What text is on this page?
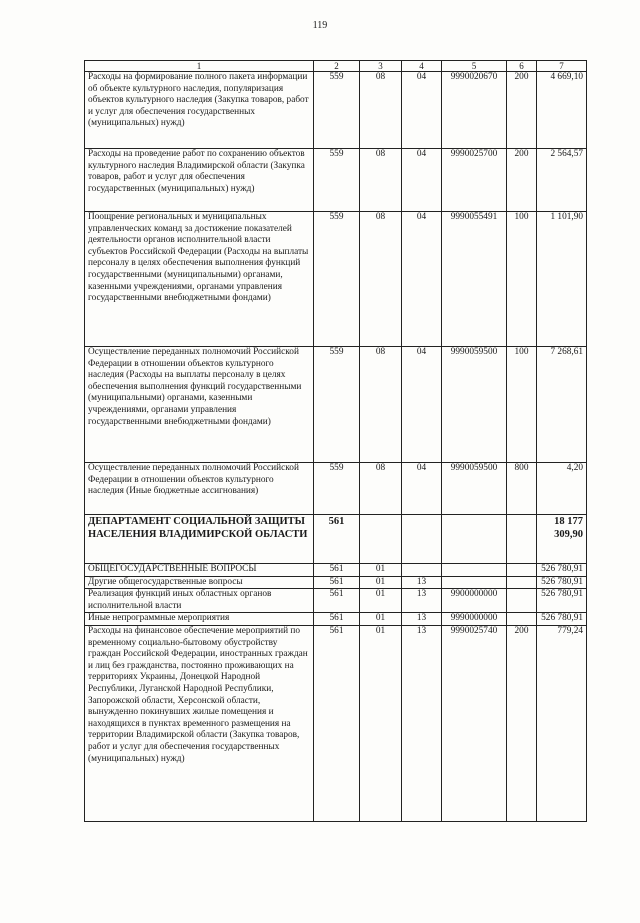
119
1	2	3	4	5	6	7
Расходы на формирование полного пакета информации об объекте культурного наследия, популяризация объектов культурного наследия (Закупка товаров, работ и услуг для обеспечения государственных (муниципальных) нужд)	559	08	04	9990020670	200	4 669,10
Расходы на проведение работ по сохранению объектов культурного наследия Владимирской области (Закупка товаров, работ и услуг для обеспечения государственных (муниципальных) нужд)	559	08	04	9990025700	200	2 564,57
Поощрение региональных и муниципальных управленческих команд за достижение показателей деятельности органов исполнительной власти субъектов Российской Федерации (Расходы на выплаты персоналу в целях обеспечения выполнения функций государственными (муниципальными) органами, казенными учреждениями, органами управления государственными внебюджетными фондами)	559	08	04	9990055491	100	1 101,90
Осуществление переданных полномочий Российской Федерации в отношении объектов культурного наследия (Расходы на выплаты персоналу в целях обеспечения выполнения функций государственными (муниципальными) органами, казенными учреждениями, органами управления государственными внебюджетными фондами)	559	08	04	9990059500	100	7 268,61
Осуществление переданных полномочий Российской Федерации в отношении объектов культурного наследия (Иные бюджетные ассигнования)	559	08	04	9990059500	800	4,20
ДЕПАРТАМЕНТ СОЦИАЛЬНОЙ ЗАЩИТЫ НАСЕЛЕНИЯ ВЛАДИМИРСКОЙ ОБЛАСТИ	561					18 177 309,90
ОБЩЕГОСУДАРСТВЕННЫЕ ВОПРОСЫ	561	01				526 780,91
Другие общегосударственные вопросы	561	01	13			526 780,91
Реализация функций иных областных органов исполнительной власти	561	01	13	9900000000		526 780,91
Иные непрограммные мероприятия	561	01	13	9990000000		526 780,91
Расходы на финансовое обеспечение мероприятий по временному социально-бытовому обустройству граждан Российской Федерации, иностранных граждан и лиц без гражданства, постоянно проживающих на территориях Украины, Донецкой Народной Республики, Луганской Народной Республики, Запорожской области, Херсонской области, вынужденно покинувших жилые помещения и находящихся в пунктах временного размещения на территории Владимирской области (Закупка товаров, работ и услуг для обеспечения государственных (муниципальных) нужд)	561	01	13	9990025740	200	779,24
